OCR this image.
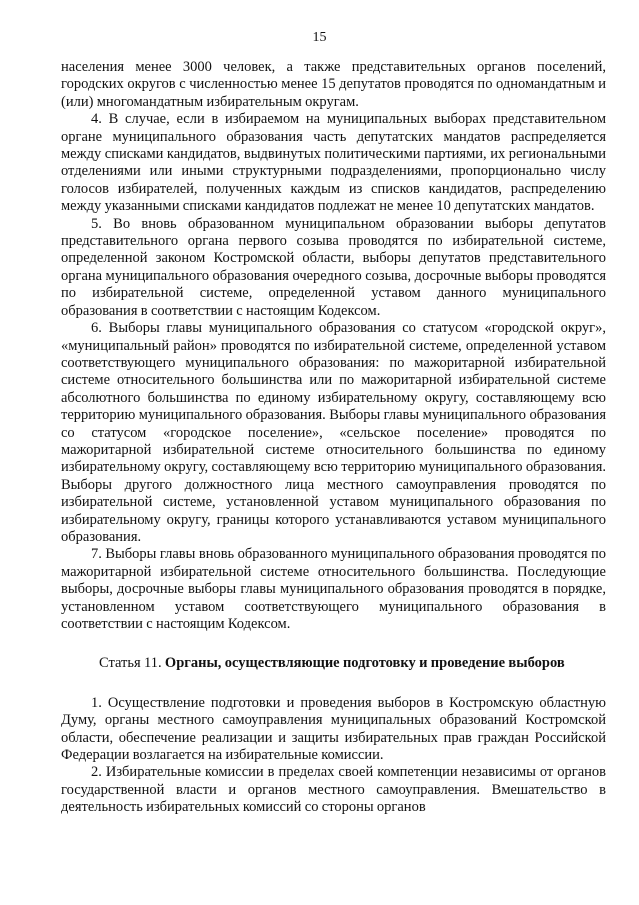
15

населения менее 3000 человек, а также представительных органов поселений, городских округов с численностью менее 15 депутатов проводятся по одномандатным и (или) многомандатным избирательным округам.

4. В случае, если в избираемом на муниципальных выборах представительном органе муниципального образования часть депутатских мандатов распределяется между списками кандидатов, выдвинутых политическими партиями, их региональными отделениями или иными структурными подразделениями, пропорционально числу голосов избирателей, полученных каждым из списков кандидатов, распределению между указанными списками кандидатов подлежат не менее 10 депутатских мандатов.

5. Во вновь образованном муниципальном образовании выборы депутатов представительного органа первого созыва проводятся по избирательной системе, определенной законом Костромской области, выборы депутатов представительного органа муниципального образования очередного созыва, досрочные выборы проводятся по избирательной системе, определенной уставом данного муниципального образования в соответствии с настоящим Кодексом.

6. Выборы главы муниципального образования со статусом «городской округ», «муниципальный район» проводятся по избирательной системе, определенной уставом соответствующего муниципального образования: по мажоритарной избирательной системе относительного большинства или по мажоритарной избирательной системе абсолютного большинства по единому избирательному округу, составляющему всю территорию муниципального образования. Выборы главы муниципального образования со статусом «городское поселение», «сельское поселение» проводятся по мажоритарной избирательной системе относительного большинства по единому избирательному округу, составляющему всю территорию муниципального образования. Выборы другого должностного лица местного самоуправления проводятся по избирательной системе, установленной уставом муниципального образования по избирательному округу, границы которого устанавливаются уставом муниципального образования.

7. Выборы главы вновь образованного муниципального образования проводятся по мажоритарной избирательной системе относительного большинства. Последующие выборы, досрочные выборы главы муниципального образования проводятся в порядке, установленном уставом соответствующего муниципального образования в соответствии с настоящим Кодексом.

Статья 11. Органы, осуществляющие подготовку и проведение выборов

1. Осуществление подготовки и проведения выборов в Костромскую областную Думу, органы местного самоуправления муниципальных образований Костромской области, обеспечение реализации и защиты избирательных прав граждан Российской Федерации возлагается на избирательные комиссии.

2. Избирательные комиссии в пределах своей компетенции независимы от органов государственной власти и органов местного самоуправления. Вмешательство в деятельность избирательных комиссий со стороны органов
